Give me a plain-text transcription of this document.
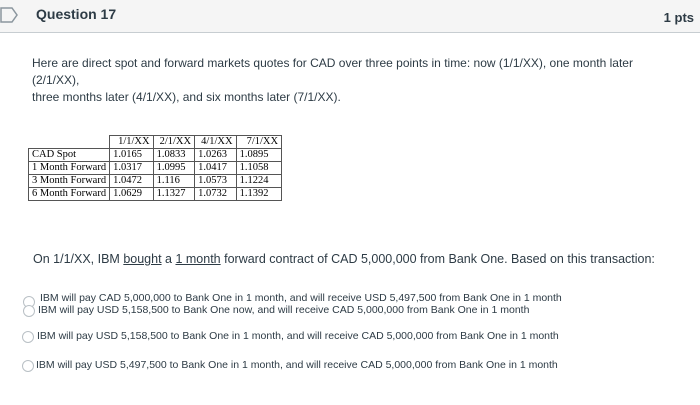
Question 17	1 pts
Here are direct spot and forward markets quotes for CAD over three points in time: now (1/1/XX), one month later (2/1/XX),
three months later (4/1/XX), and six months later (7/1/XX).
	1/1/XX	2/1/XX	4/1/XX	7/1/XX
CAD Spot	1.0165	1.0833	1.0263	1.0895
1 Month Forward	1.0317	1.0995	1.0417	1.1058
3 Month Forward	1.0472	1.116	1.0573	1.1224
6 Month Forward	1.0629	1.1327	1.0732	1.1392
On 1/1/XX, IBM bought a 1 month forward contract of CAD 5,000,000 from Bank One. Based on this transaction:
IBM will pay CAD 5,000,000 to Bank One in 1 month, and will receive USD 5,497,500 from Bank One in 1 month
IBM will pay USD 5,158,500 to Bank One now, and will receive CAD 5,000,000 from Bank One in 1 month
IBM will pay USD 5,158,500 to Bank One in 1 month, and will receive CAD 5,000,000 from Bank One in 1 month
IBM will pay USD 5,497,500 to Bank One in 1 month, and will receive CAD 5,000,000 from Bank One in 1 month
